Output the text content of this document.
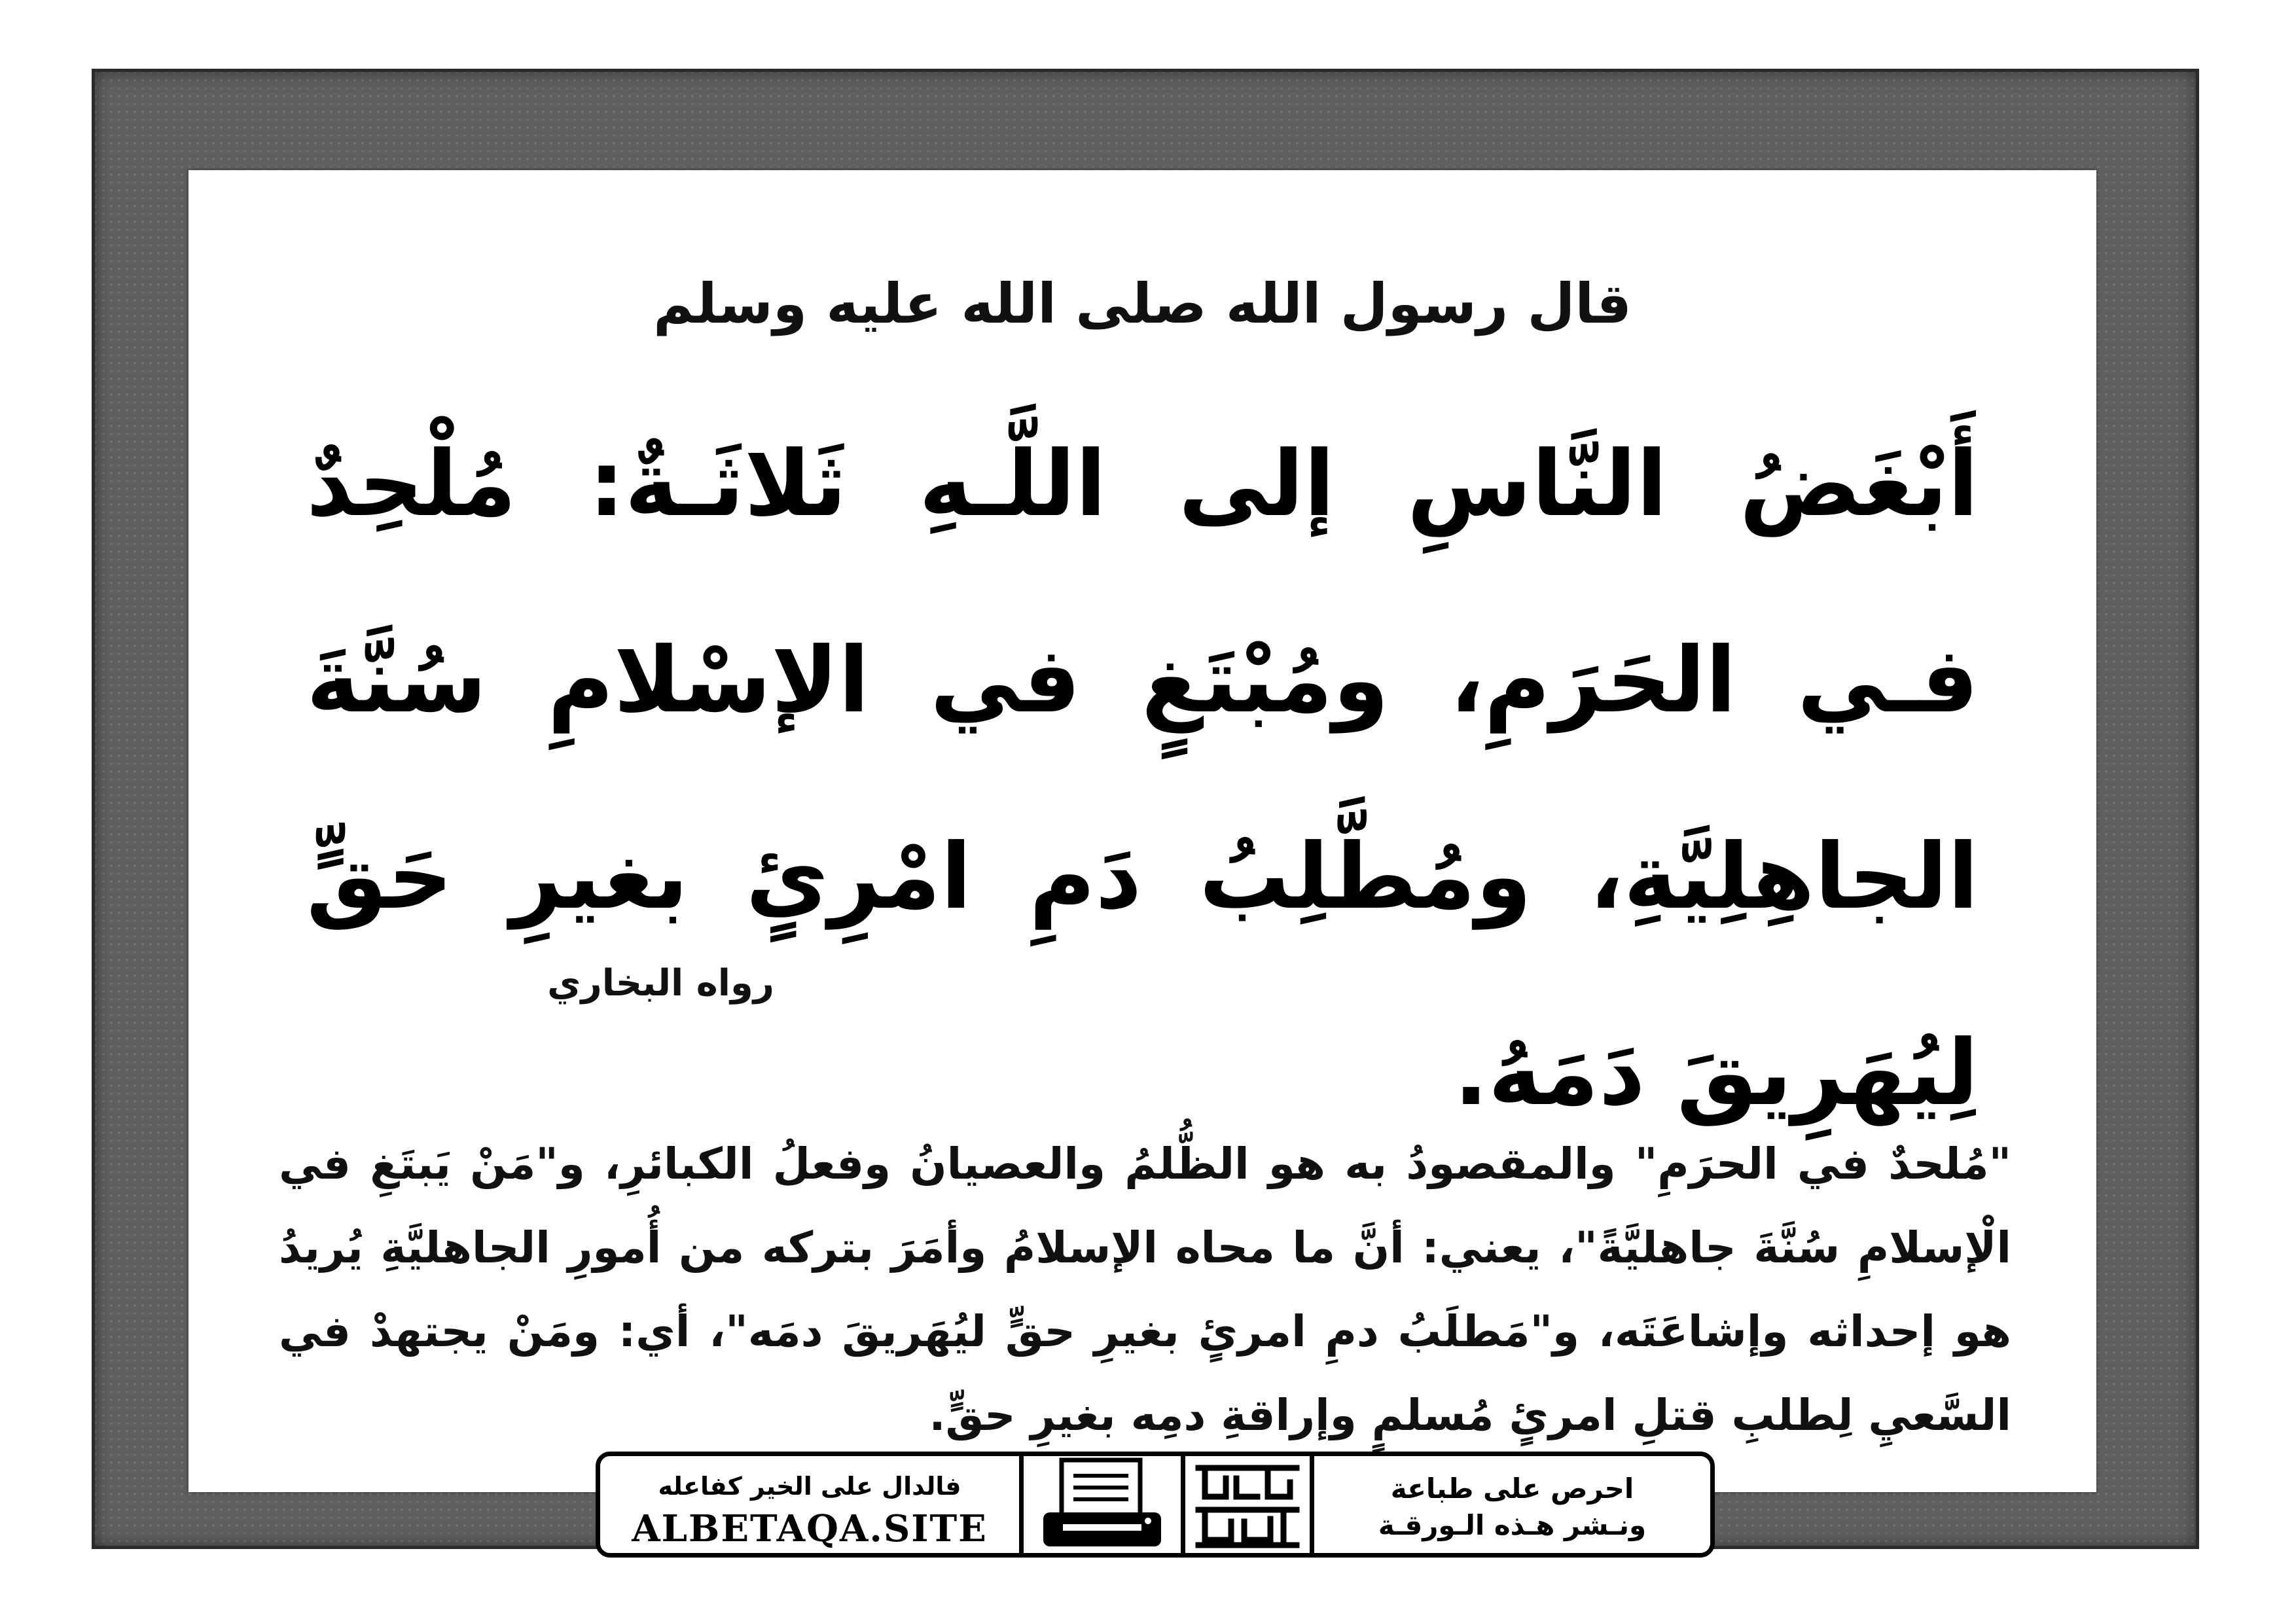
قال رسول الله صلى الله عليه وسلم
أَبْغَضُ النَّاسِ إلى اللَّـهِ ثَلاثَـةٌ: مُلْحِدٌ فـي الحَرَمِ، ومُبْتَغٍ في الإسْلامِ سُنَّةَ الجاهِلِيَّةِ، ومُطَّلِبُ دَمِ امْرِئٍ بغيرِ حَقٍّ لِيُهَرِيقَ دَمَهُ.
رواه البخاري
"مُلحدٌ في الحرَمِ" والمقصودُ به هو الظُّلمُ والعصيانُ وفعلُ الكبائرِ، و"مَنْ يَبتَغِ في الْإسلامِ سُنَّةَ جاهليَّةً"، يعني: أنَّ ما محاه الإسلامُ وأمَرَ بتركه من أُمورِ الجاهليَّةِ يُريدُ هو إحداثه وإشاعَتَه، و"مَطلَبُ دمِ امرئٍ بغيرِ حقٍّ ليُهَريقَ دمَه"، أي: ومَنْ يجتهدْ في السَّعيِ لِطلبِ قتلِ امرئٍ مُسلمٍ وإراقةِ دمِه بغيرِ حقٍّ.
فالدال على الخير كفاعله
ALBETAQA.SITE
دعوتك الورقة
احرص على طباعة
ونـشر هـذه الـورقـة
